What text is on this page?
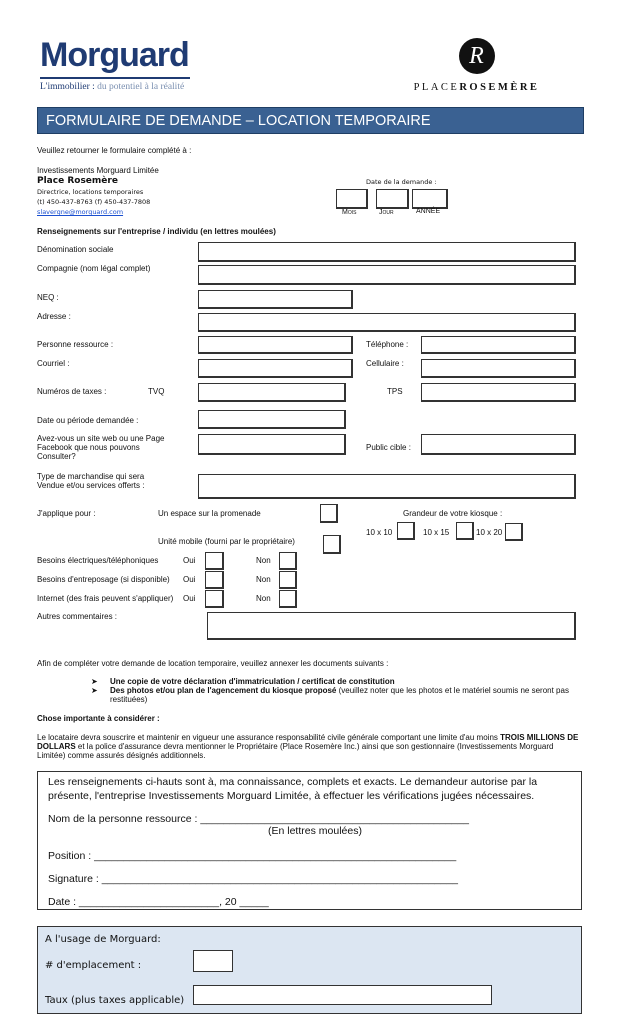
Morguard
L'immobilier : du potentiel à la réalité
R
PLACEROSEMÈRE
FORMULAIRE DE DEMANDE – LOCATION TEMPORAIRE
Veuillez retourner le formulaire complété à :
Investissements Morguard Limitée
Place Rosemère
Directrice, locations temporaires
(t) 450-437-8763 (f) 450-437-7808
slavergne@morguard.com
Date de la demande :
Mois	Jour	ANNÉE
Renseignements sur l'entreprise / individu (en lettres moulées)
Dénomination sociale
Compagnie (nom légal complet)
NEQ :
Adresse :
Personne ressource :	Téléphone :
Courriel :	Cellulaire :
Numéros de taxes :	TVQ	TPS
Date ou période demandée :
Avez-vous un site web ou une Page Facebook que nous pouvons Consulter?
Public cible :
Type de marchandise qui sera Vendue et/ou services offerts :
J'applique pour :	Un espace sur la promenade
Unité mobile (fourni par le propriétaire)
Grandeur de votre kiosque :
10 x 10	10 x 15	10 x 20
Besoins électriques/téléphoniques	Oui	Non
Besoins d'entreposage (si disponible) Oui	Non
Internet (des frais peuvent s'appliquer) Oui	Non
Autres commentaires :
Afin de compléter votre demande de location temporaire, veuillez annexer les documents suivants :
➤ Une copie de votre déclaration d'immatriculation / certificat de constitution
➤ Des photos et/ou plan de l'agencement du kiosque proposé (veuillez noter que les photos et le matériel soumis ne seront pas restituées)
Chose importante à considérer :
Le locataire devra souscrire et maintenir en vigueur une assurance responsabilité civile générale comportant une limite d'au moins TROIS MILLIONS DE DOLLARS et la police d'assurance devra mentionner le Propriétaire (Place Rosemère Inc.) ainsi que son gestionnaire (Investissements Morguard Limitée) comme assurés désignés additionnels.
Les renseignements ci-hauts sont à, ma connaissance, complets et exacts. Le demandeur autorise par la présente, l'entreprise Investissements Morguard Limitée, à effectuer les vérifications jugées nécessaires.
Nom de la personne ressource : ______________________________________________
(En lettres moulées)
Position : ______________________________________________________________
Signature : _____________________________________________________________
Date : ________________________, 20 _____
A l'usage de Morguard:
# d'emplacement :
Taux (plus taxes applicable)
